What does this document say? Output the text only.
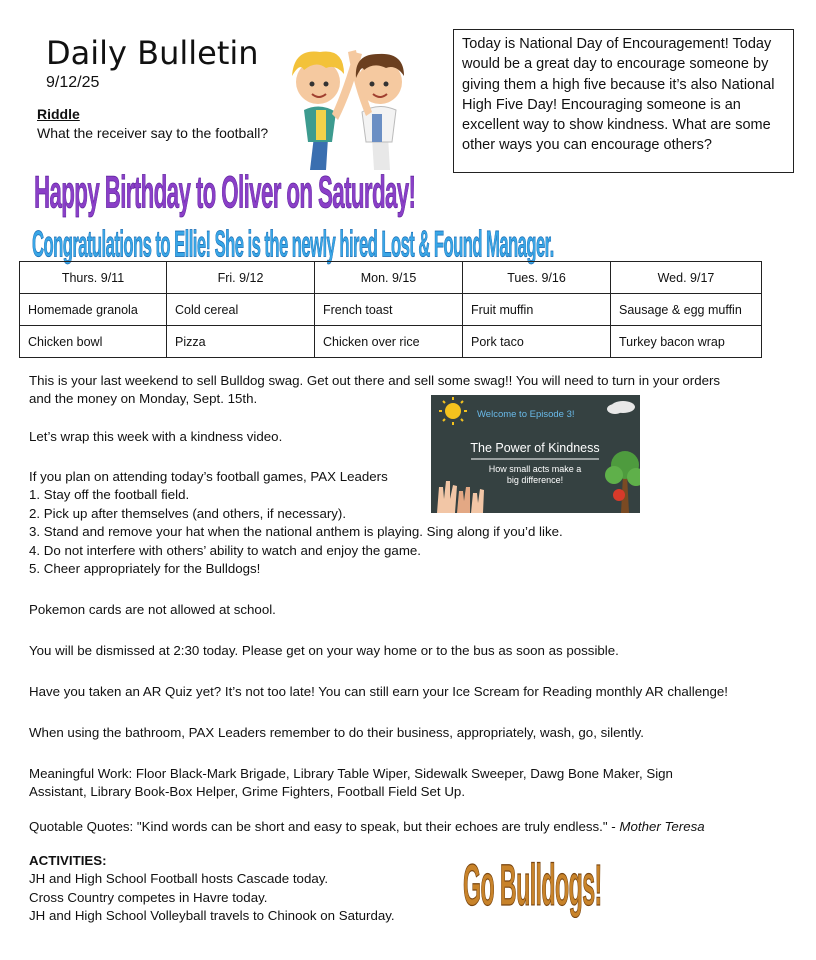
Daily Bulletin
9/12/25
Riddle
What the receiver say to the football?
Today is National Day of Encouragement! Today would be a great day to encourage someone by giving them a high five because it’s also National High Five Day! Encouraging someone is an excellent way to show kindness. What are some other ways you can encourage others?
Happy Birthday to Oliver on Saturday!
Congratulations to Ellie! She is the newly hired Lost & Found Manager.
Thurs. 9/11	Fri. 9/12	Mon. 9/15	Tues. 9/16	Wed. 9/17
Homemade granola	Cold cereal	French toast	Fruit muffin	Sausage & egg muffin
Chicken bowl	Pizza	Chicken over rice	Pork taco	Turkey bacon wrap
This is your last weekend to sell Bulldog swag. Get out there and sell some swag!! You will need to turn in your orders
and the money on Monday, Sept. 15th.
Let’s wrap this week with a kindness video.
Welcome to Episode 3!
The Power of Kindness
How small acts make a
big difference!
If you plan on attending today’s football games, PAX Leaders
1. Stay off the football field.
2. Pick up after themselves (and others, if necessary).
3. Stand and remove your hat when the national anthem is playing. Sing along if you’d like.
4. Do not interfere with others’ ability to watch and enjoy the game.
5. Cheer appropriately for the Bulldogs!
Pokemon cards are not allowed at school.
You will be dismissed at 2:30 today. Please get on your way home or to the bus as soon as possible.
Have you taken an AR Quiz yet? It’s not too late! You can still earn your Ice Scream for Reading monthly AR challenge!
When using the bathroom, PAX Leaders remember to do their business, appropriately, wash, go, silently.
Meaningful Work: Floor Black-Mark Brigade, Library Table Wiper, Sidewalk Sweeper, Dawg Bone Maker, Sign
Assistant, Library Book-Box Helper, Grime Fighters, Football Field Set Up.
Quotable Quotes: "Kind words can be short and easy to speak, but their echoes are truly endless." - Mother Teresa
ACTIVITIES:
JH and High School Football hosts Cascade today.
Cross Country competes in Havre today.
JH and High School Volleyball travels to Chinook on Saturday.	Go Bulldogs!
